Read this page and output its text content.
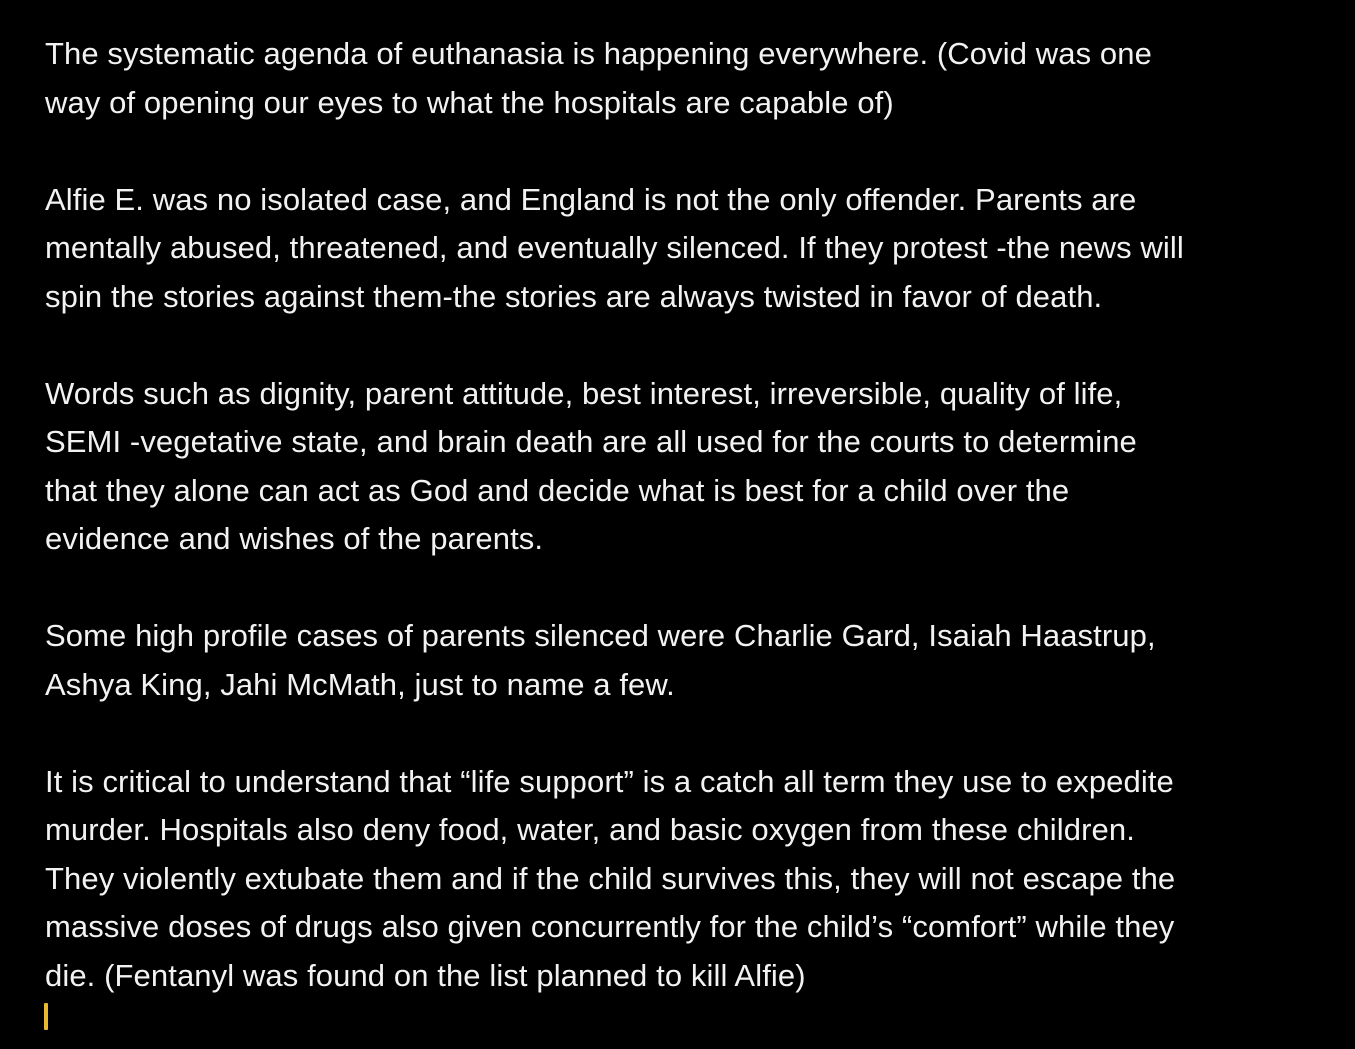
The systematic agenda of euthanasia is happening everywhere. (Covid was one
way of opening our eyes to what the hospitals are capable of)

Alfie E. was no isolated case, and England is not the only offender. Parents are
mentally abused, threatened, and eventually silenced. If they protest -the news will
spin the stories against them-the stories are always twisted in favor of death.

Words such as dignity, parent attitude, best interest, irreversible, quality of life,
SEMI -vegetative state, and brain death are all used for the courts to determine
that they alone can act as God and decide what is best for a child over the
evidence and wishes of the parents.

Some high profile cases of parents silenced were Charlie Gard, Isaiah Haastrup,
Ashya King, Jahi McMath, just to name a few.

It is critical to understand that “life support” is a catch all term they use to expedite
murder. Hospitals also deny food, water, and basic oxygen from these children.
They violently extubate them and if the child survives this, they will not escape the
massive doses of drugs also given concurrently for the child’s “comfort” while they
die. (Fentanyl was found on the list planned to kill Alfie)
